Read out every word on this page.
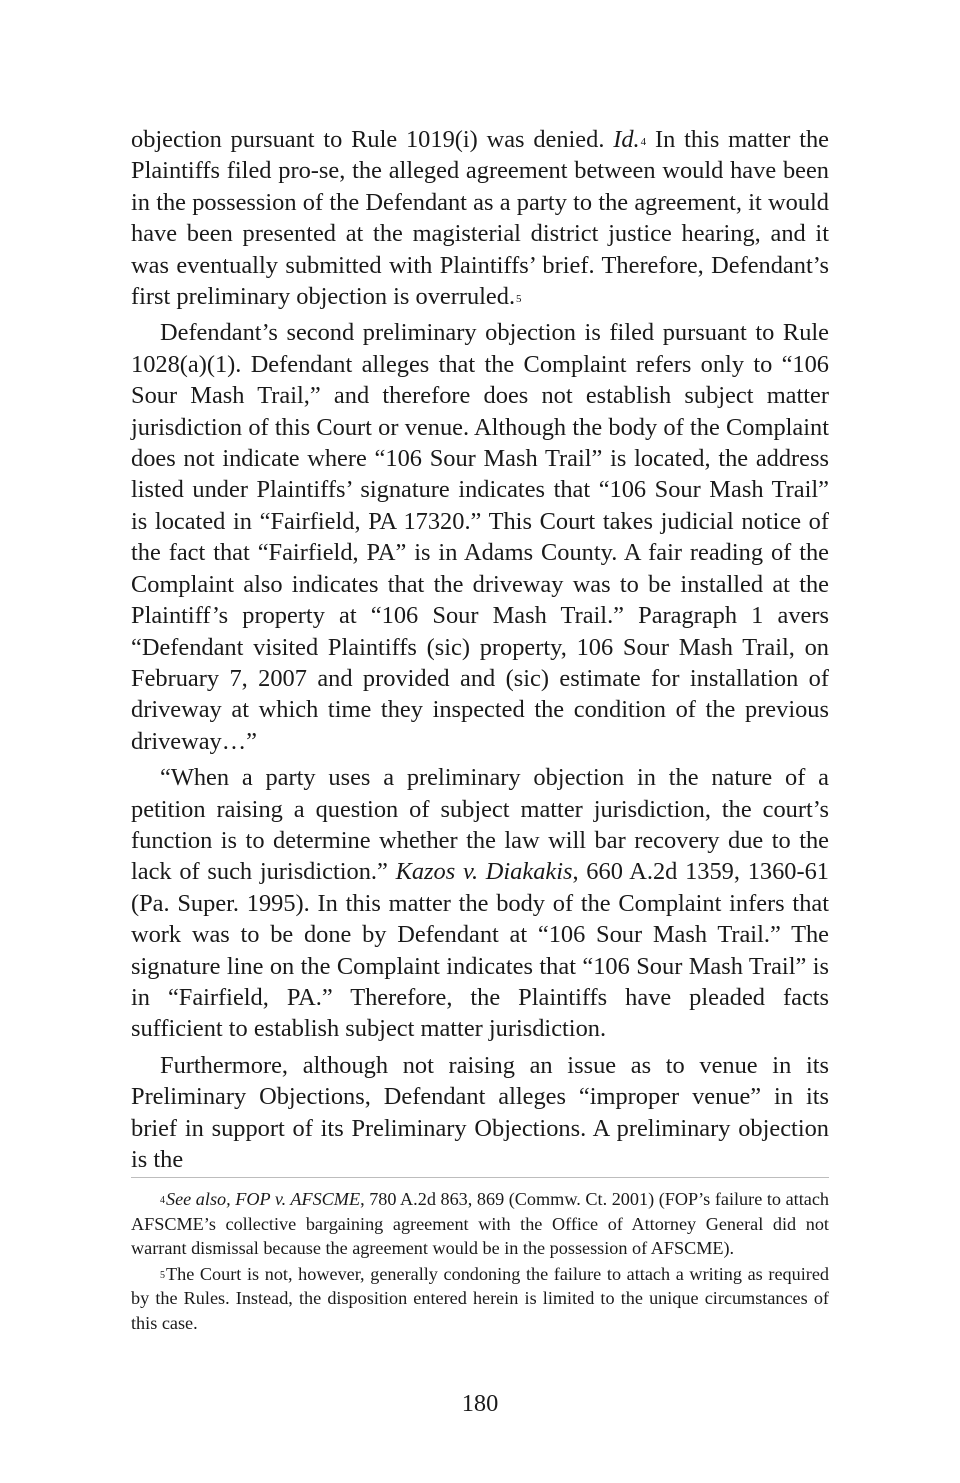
objection pursuant to Rule 1019(i) was denied. Id.$^4$ In this matter the Plaintiffs filed pro-se, the alleged agreement between would have been in the possession of the Defendant as a party to the agreement, it would have been presented at the magisterial district justice hearing, and it was eventually submitted with Plaintiffs’ brief. Therefore, Defendant’s first preliminary objection is overruled.$^5$

Defendant’s second preliminary objection is filed pursuant to Rule 1028(a)(1). Defendant alleges that the Complaint refers only to “106 Sour Mash Trail,” and therefore does not establish subject matter jurisdiction of this Court or venue. Although the body of the Complaint does not indicate where “106 Sour Mash Trail” is located, the address listed under Plaintiffs’ signature indicates that “106 Sour Mash Trail” is located in “Fairfield, PA 17320.” This Court takes judicial notice of the fact that “Fairfield, PA” is in Adams County. A fair reading of the Complaint also indicates that the driveway was to be installed at the Plaintiff’s property at “106 Sour Mash Trail.” Paragraph 1 avers “Defendant visited Plaintiffs (sic) property, 106 Sour Mash Trail, on February 7, 2007 and provided and (sic) estimate for installation of driveway at which time they inspected the condition of the previous driveway…”

“When a party uses a preliminary objection in the nature of a petition raising a question of subject matter jurisdiction, the court’s function is to determine whether the law will bar recovery due to the lack of such jurisdiction.” Kazos v. Diakakis, 660 A.2d 1359, 1360-61 (Pa. Super. 1995). In this matter the body of the Complaint infers that work was to be done by Defendant at “106 Sour Mash Trail.” The signature line on the Complaint indicates that “106 Sour Mash Trail” is in “Fairfield, PA.” Therefore, the Plaintiffs have pleaded facts sufficient to establish subject matter jurisdiction.

Furthermore, although not raising an issue as to venue in its Preliminary Objections, Defendant alleges “improper venue” in its brief in support of its Preliminary Objections. A preliminary objection is the

$^4$See also, FOP v. AFSCME, 780 A.2d 863, 869 (Commw. Ct. 2001) (FOP’s failure to attach AFSCME’s collective bargaining agreement with the Office of Attorney General did not warrant dismissal because the agreement would be in the possession of AFSCME).

$^5$The Court is not, however, generally condoning the failure to attach a writing as required by the Rules. Instead, the disposition entered herein is limited to the unique circumstances of this case.

180
